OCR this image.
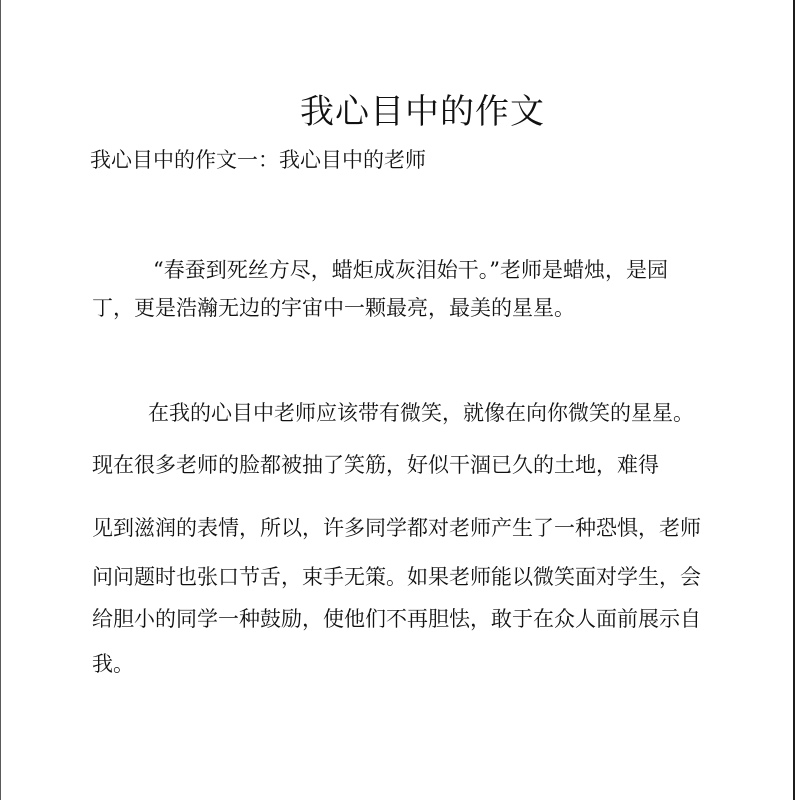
我心目中的作文
我心目中的作文一：我心目中的老师
“春蚕到死丝方尽，蜡炬成灰泪始干。”老师是蜡烛，是园
丁，更是浩瀚无边的宇宙中一颗最亮，最美的星星。
在我的心目中老师应该带有微笑，就像在向你微笑的星星。
现在很多老师的脸都被抽了笑筋，好似干涸已久的土地，难得
见到滋润的表情，所以，许多同学都对老师产生了一种恐惧，老师
问问题时也张口节舌，束手无策。如果老师能以微笑面对学生，会
给胆小的同学一种鼓励，使他们不再胆怯，敢于在众人面前展示自
我。
